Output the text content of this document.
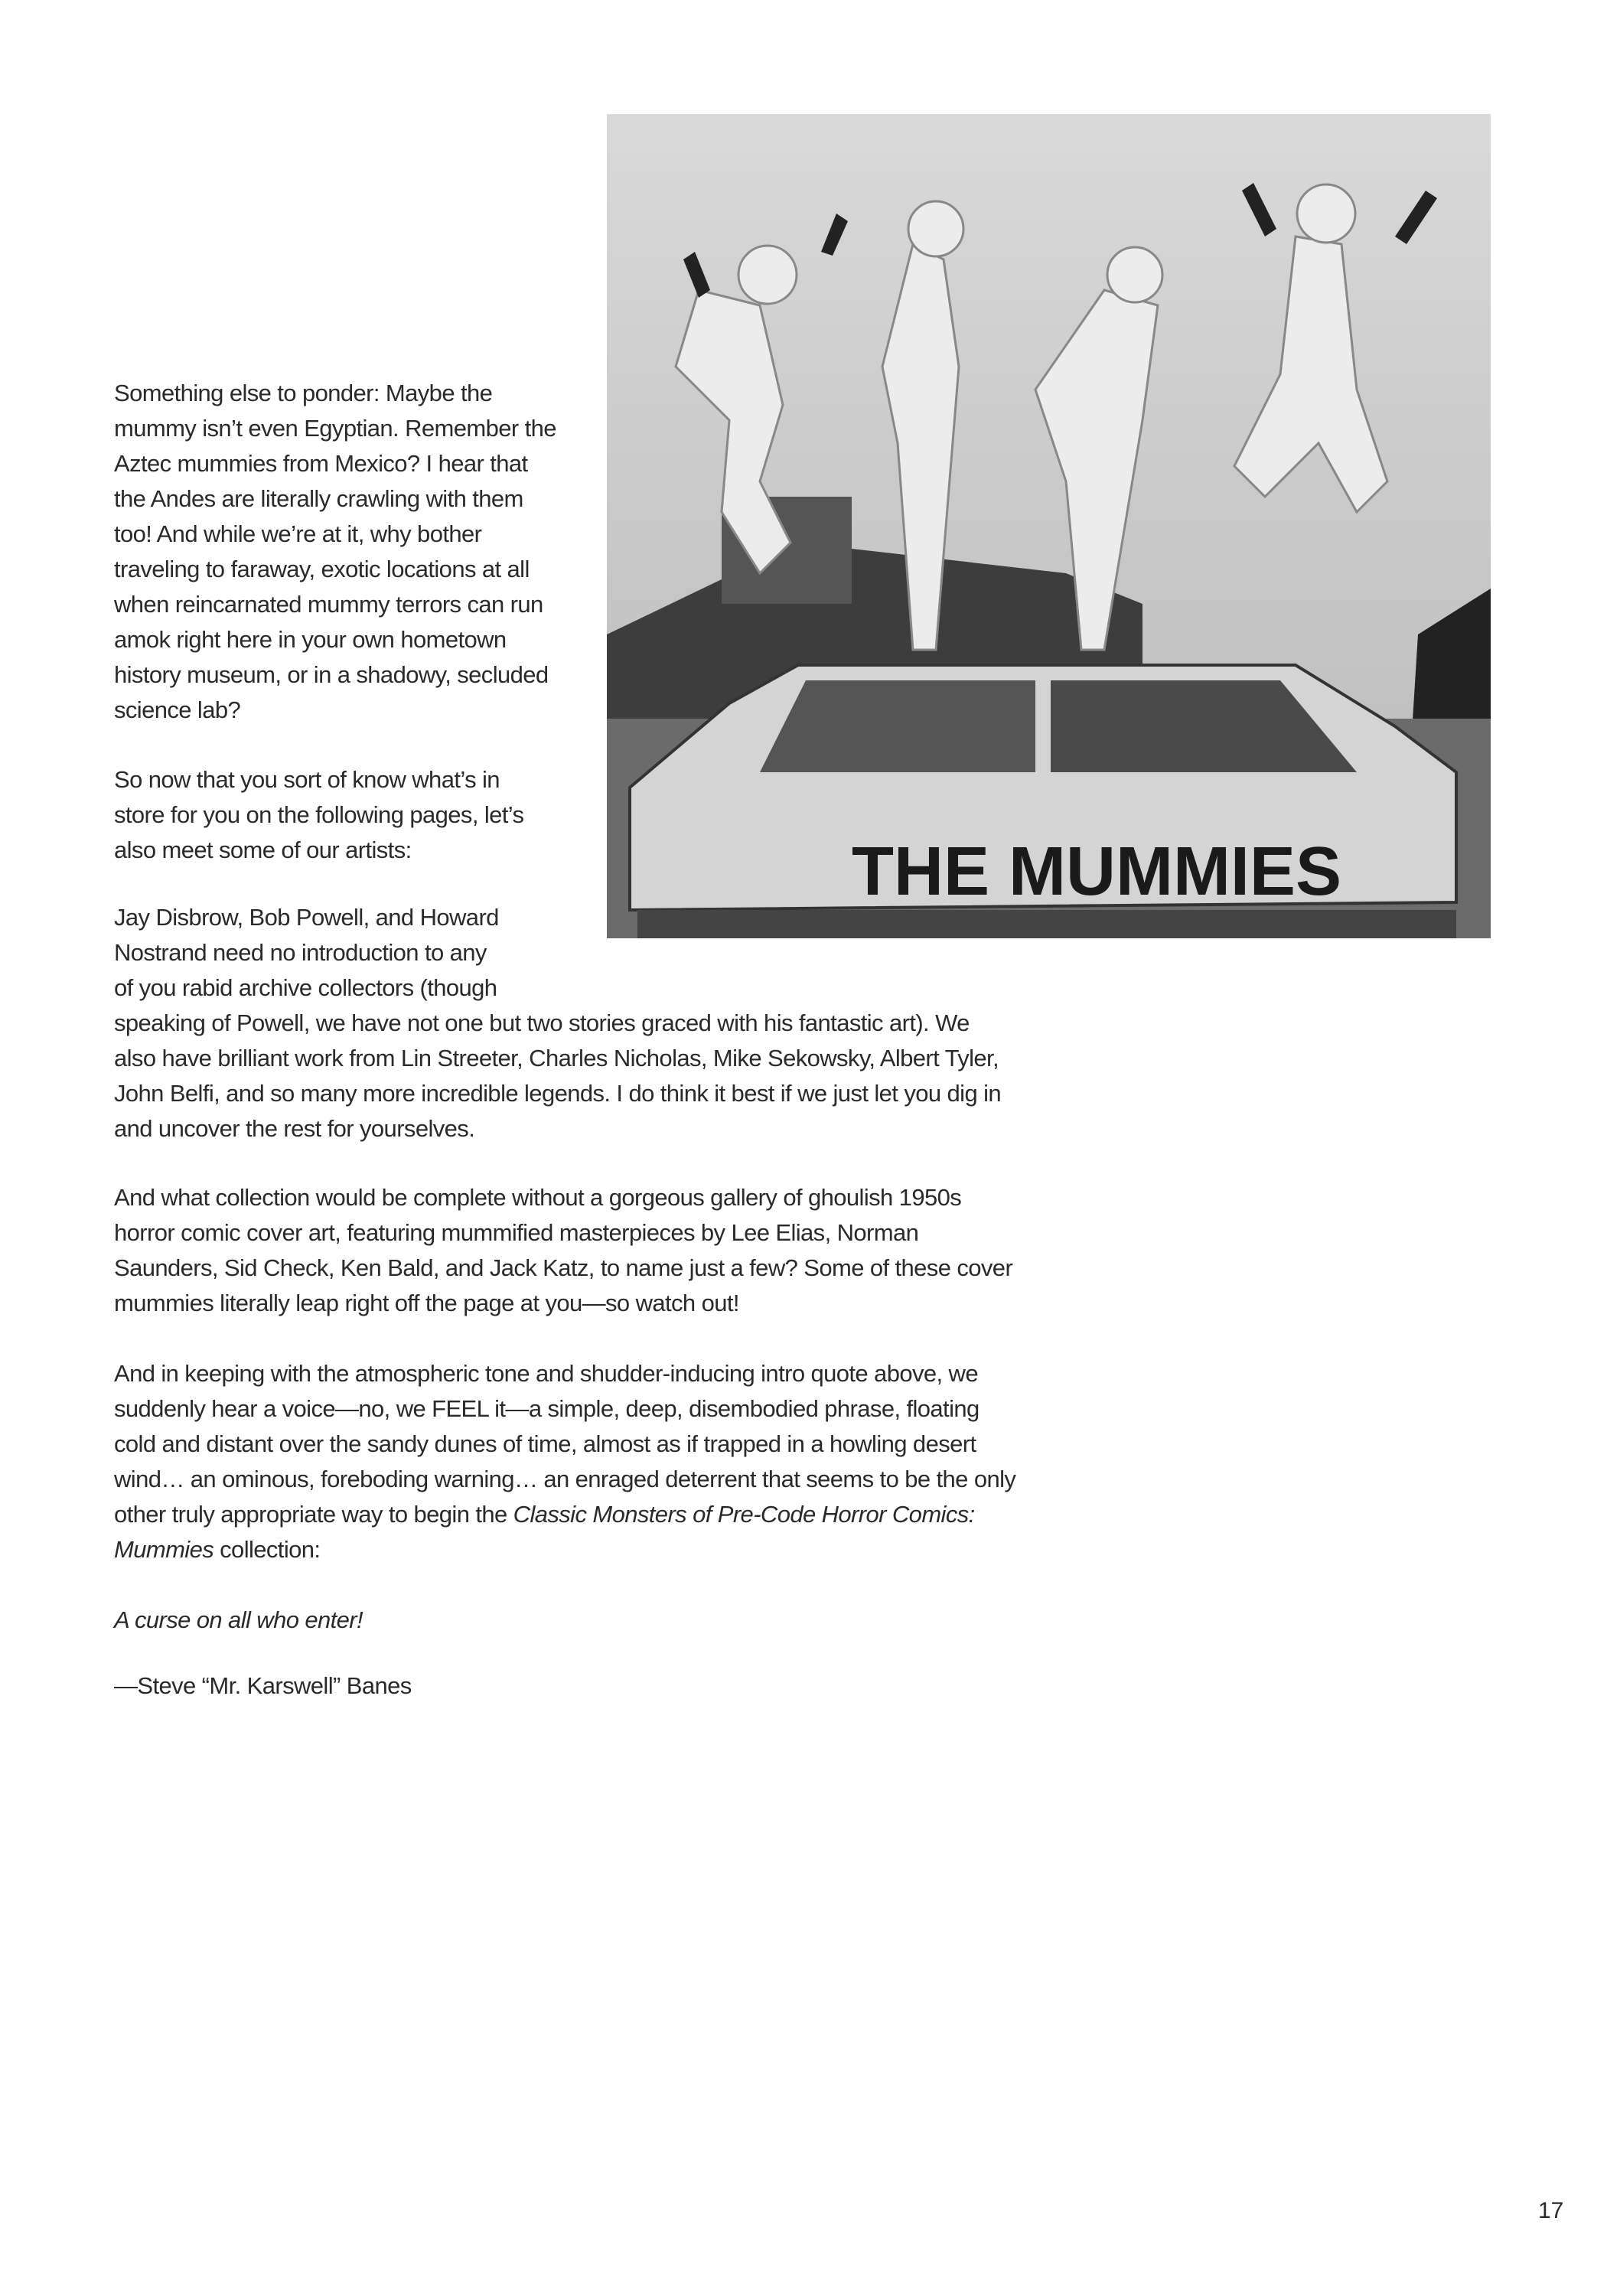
THE MUMMIES
Something else to ponder: Maybe the
mummy isn’t even Egyptian. Remember the
Aztec mummies from Mexico? I hear that
the Andes are literally crawling with them
too! And while we’re at it, why bother
traveling to faraway, exotic locations at all
when reincarnated mummy terrors can run
amok right here in your own hometown
history museum, or in a shadowy, secluded
science lab?
So now that you sort of know what’s in
store for you on the following pages, let’s
also meet some of our artists:
Jay Disbrow, Bob Powell, and Howard
Nostrand need no introduction to any
of you rabid archive collectors (though
speaking of Powell, we have not one but two stories graced with his fantastic art). We
also have brilliant work from Lin Streeter, Charles Nicholas, Mike Sekowsky, Albert Tyler,
John Belfi, and so many more incredible legends. I do think it best if we just let you dig in
and uncover the rest for yourselves.
And what collection would be complete without a gorgeous gallery of ghoulish 1950s
horror comic cover art, featuring mummified masterpieces by Lee Elias, Norman
Saunders, Sid Check, Ken Bald, and Jack Katz, to name just a few? Some of these cover
mummies literally leap right off the page at you—so watch out!
And in keeping with the atmospheric tone and shudder-inducing intro quote above, we
suddenly hear a voice—no, we FEEL it—a simple, deep, disembodied phrase, floating
cold and distant over the sandy dunes of time, almost as if trapped in a howling desert
wind… an ominous, foreboding warning… an enraged deterrent that seems to be the only
other truly appropriate way to begin the Classic Monsters of Pre-Code Horror Comics:
Mummies collection:
A curse on all who enter!
—Steve “Mr. Karswell” Banes
17
